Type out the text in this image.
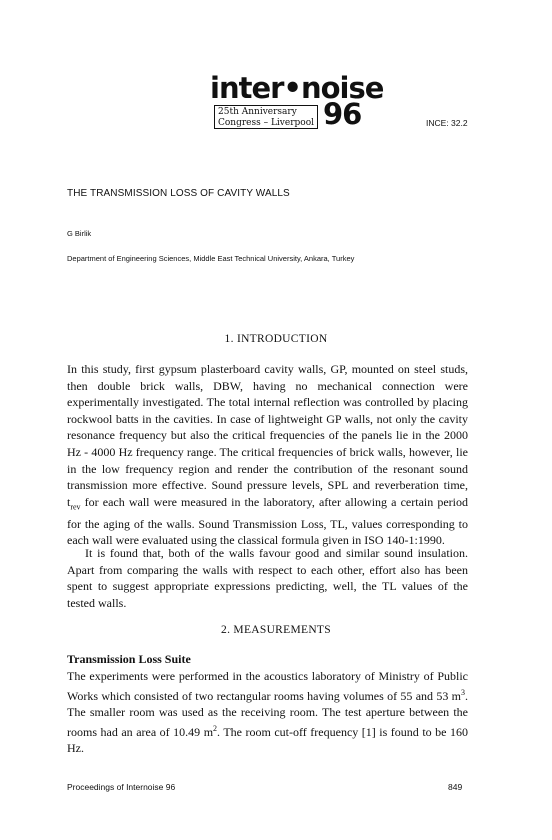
inter•noise
25th Anniversary
Congress – Liverpool 96	INCE: 32.2
THE TRANSMISSION LOSS OF CAVITY WALLS
G Birlik
Department of Engineering Sciences, Middle East Technical University, Ankara, Turkey
1. INTRODUCTION
In this study, first gypsum plasterboard cavity walls, GP, mounted on steel studs, then double brick walls, DBW, having no mechanical connection were experimentally investigated. The total internal reflection was controlled by placing rockwool batts in the cavities. In case of lightweight GP walls, not only the cavity resonance frequency but also the critical frequencies of the panels lie in the 2000 Hz - 4000 Hz frequency range. The critical frequencies of brick walls, however, lie in the low frequency region and render the contribution of the resonant sound transmission more effective. Sound pressure levels, SPL and reverberation time, $t_{rev}$ for each wall were measured in the laboratory, after allowing a certain period for the aging of the walls. Sound Transmission Loss, TL, values corresponding to each wall were evaluated using the classical formula given in ISO 140-1:1990.
It is found that, both of the walls favour good and similar sound insulation. Apart from comparing the walls with respect to each other, effort also has been spent to suggest appropriate expressions predicting, well, the TL values of the tested walls.
2. MEASUREMENTS
Transmission Loss Suite
The experiments were performed in the acoustics laboratory of Ministry of Public Works which consisted of two rectangular rooms having volumes of 55 and 53 $m^3$. The smaller room was used as the receiving room. The test aperture between the rooms had an area of 10.49 $m^2$. The room cut-off frequency [1] is found to be 160 Hz.
Proceedings of Internoise 96	849
